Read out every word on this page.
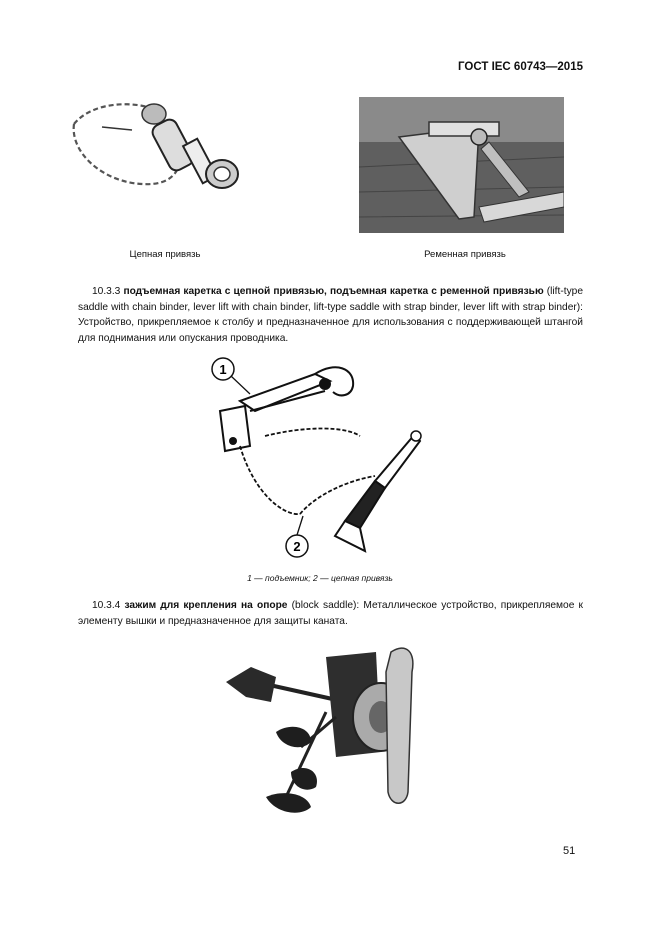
ГОСТ IEC 60743—2015
Цепная привязь	Ременная привязь
10.3.3 подъемная каретка с цепной привязью, подъемная каретка с ременной привязью (lift-type saddle with chain binder, lever lift with chain binder, lift-type saddle with strap binder, lever lift with strap binder): Устройство, прикрепляемое к столбу и предназначенное для использования с поддерживающей штангой для поднимания или опускания проводника.
1
2
1 — подъемник; 2 — цепная привязь
10.3.4 зажим для крепления на опоре (block saddle): Металлическое устройство, прикрепляемое к элементу вышки и предназначенное для защиты каната.
51
